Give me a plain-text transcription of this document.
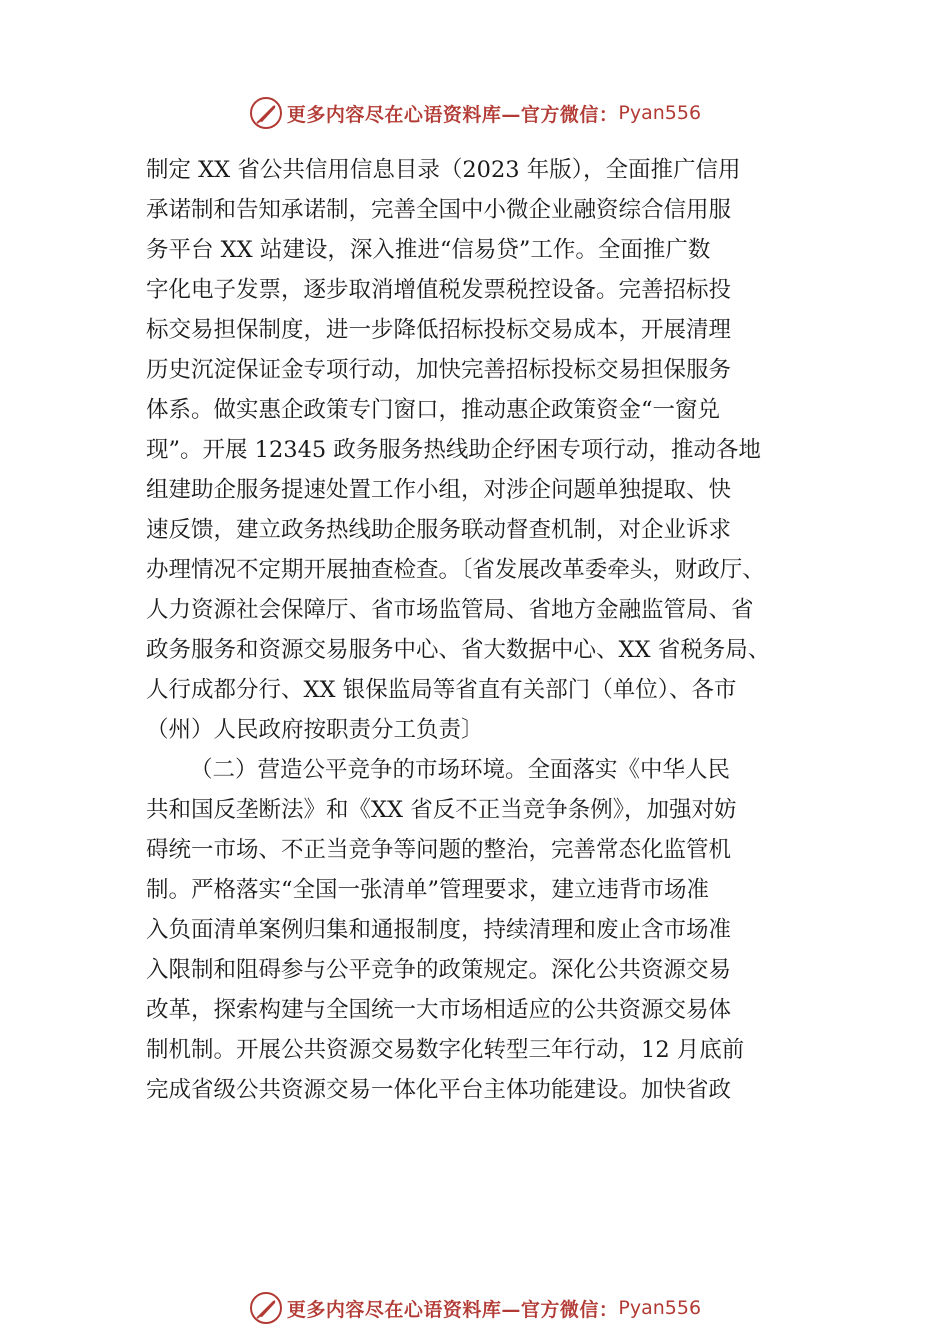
更多内容尽在心语资料库—官方微信： Pyan556
制定 XX 省公共信用信息目录（2023 年版），全面推广信用
承诺制和告知承诺制，完善全国中小微企业融资综合信用服
务平台 XX 站建设，深入推进“信易贷”工作。全面推广数
字化电子发票，逐步取消增值税发票税控设备。完善招标投
标交易担保制度，进一步降低招标投标交易成本，开展清理
历史沉淀保证金专项行动，加快完善招标投标交易担保服务
体系。做实惠企政策专门窗口，推动惠企政策资金“一窗兑
现”。开展 12345 政务服务热线助企纾困专项行动，推动各地
组建助企服务提速处置工作小组，对涉企问题单独提取、快
速反馈，建立政务热线助企服务联动督查机制，对企业诉求
办理情况不定期开展抽查检查。〔省发展改革委牵头，财政厅、
人力资源社会保障厅、省市场监管局、省地方金融监管局、省
政务服务和资源交易服务中心、省大数据中心、XX 省税务局、
人行成都分行、XX 银保监局等省直有关部门（单位）、各市
（州）人民政府按职责分工负责〕
（二）营造公平竞争的市场环境。全面落实《中华人民
共和国反垄断法》和《XX 省反不正当竞争条例》，加强对妨
碍统一市场、不正当竞争等问题的整治，完善常态化监管机
制。严格落实“全国一张清单”管理要求，建立违背市场准
入负面清单案例归集和通报制度，持续清理和废止含市场准
入限制和阻碍参与公平竞争的政策规定。深化公共资源交易
改革，探索构建与全国统一大市场相适应的公共资源交易体
制机制。开展公共资源交易数字化转型三年行动，12 月底前
完成省级公共资源交易一体化平台主体功能建设。加快省政
更多内容尽在心语资料库—官方微信： Pyan556
